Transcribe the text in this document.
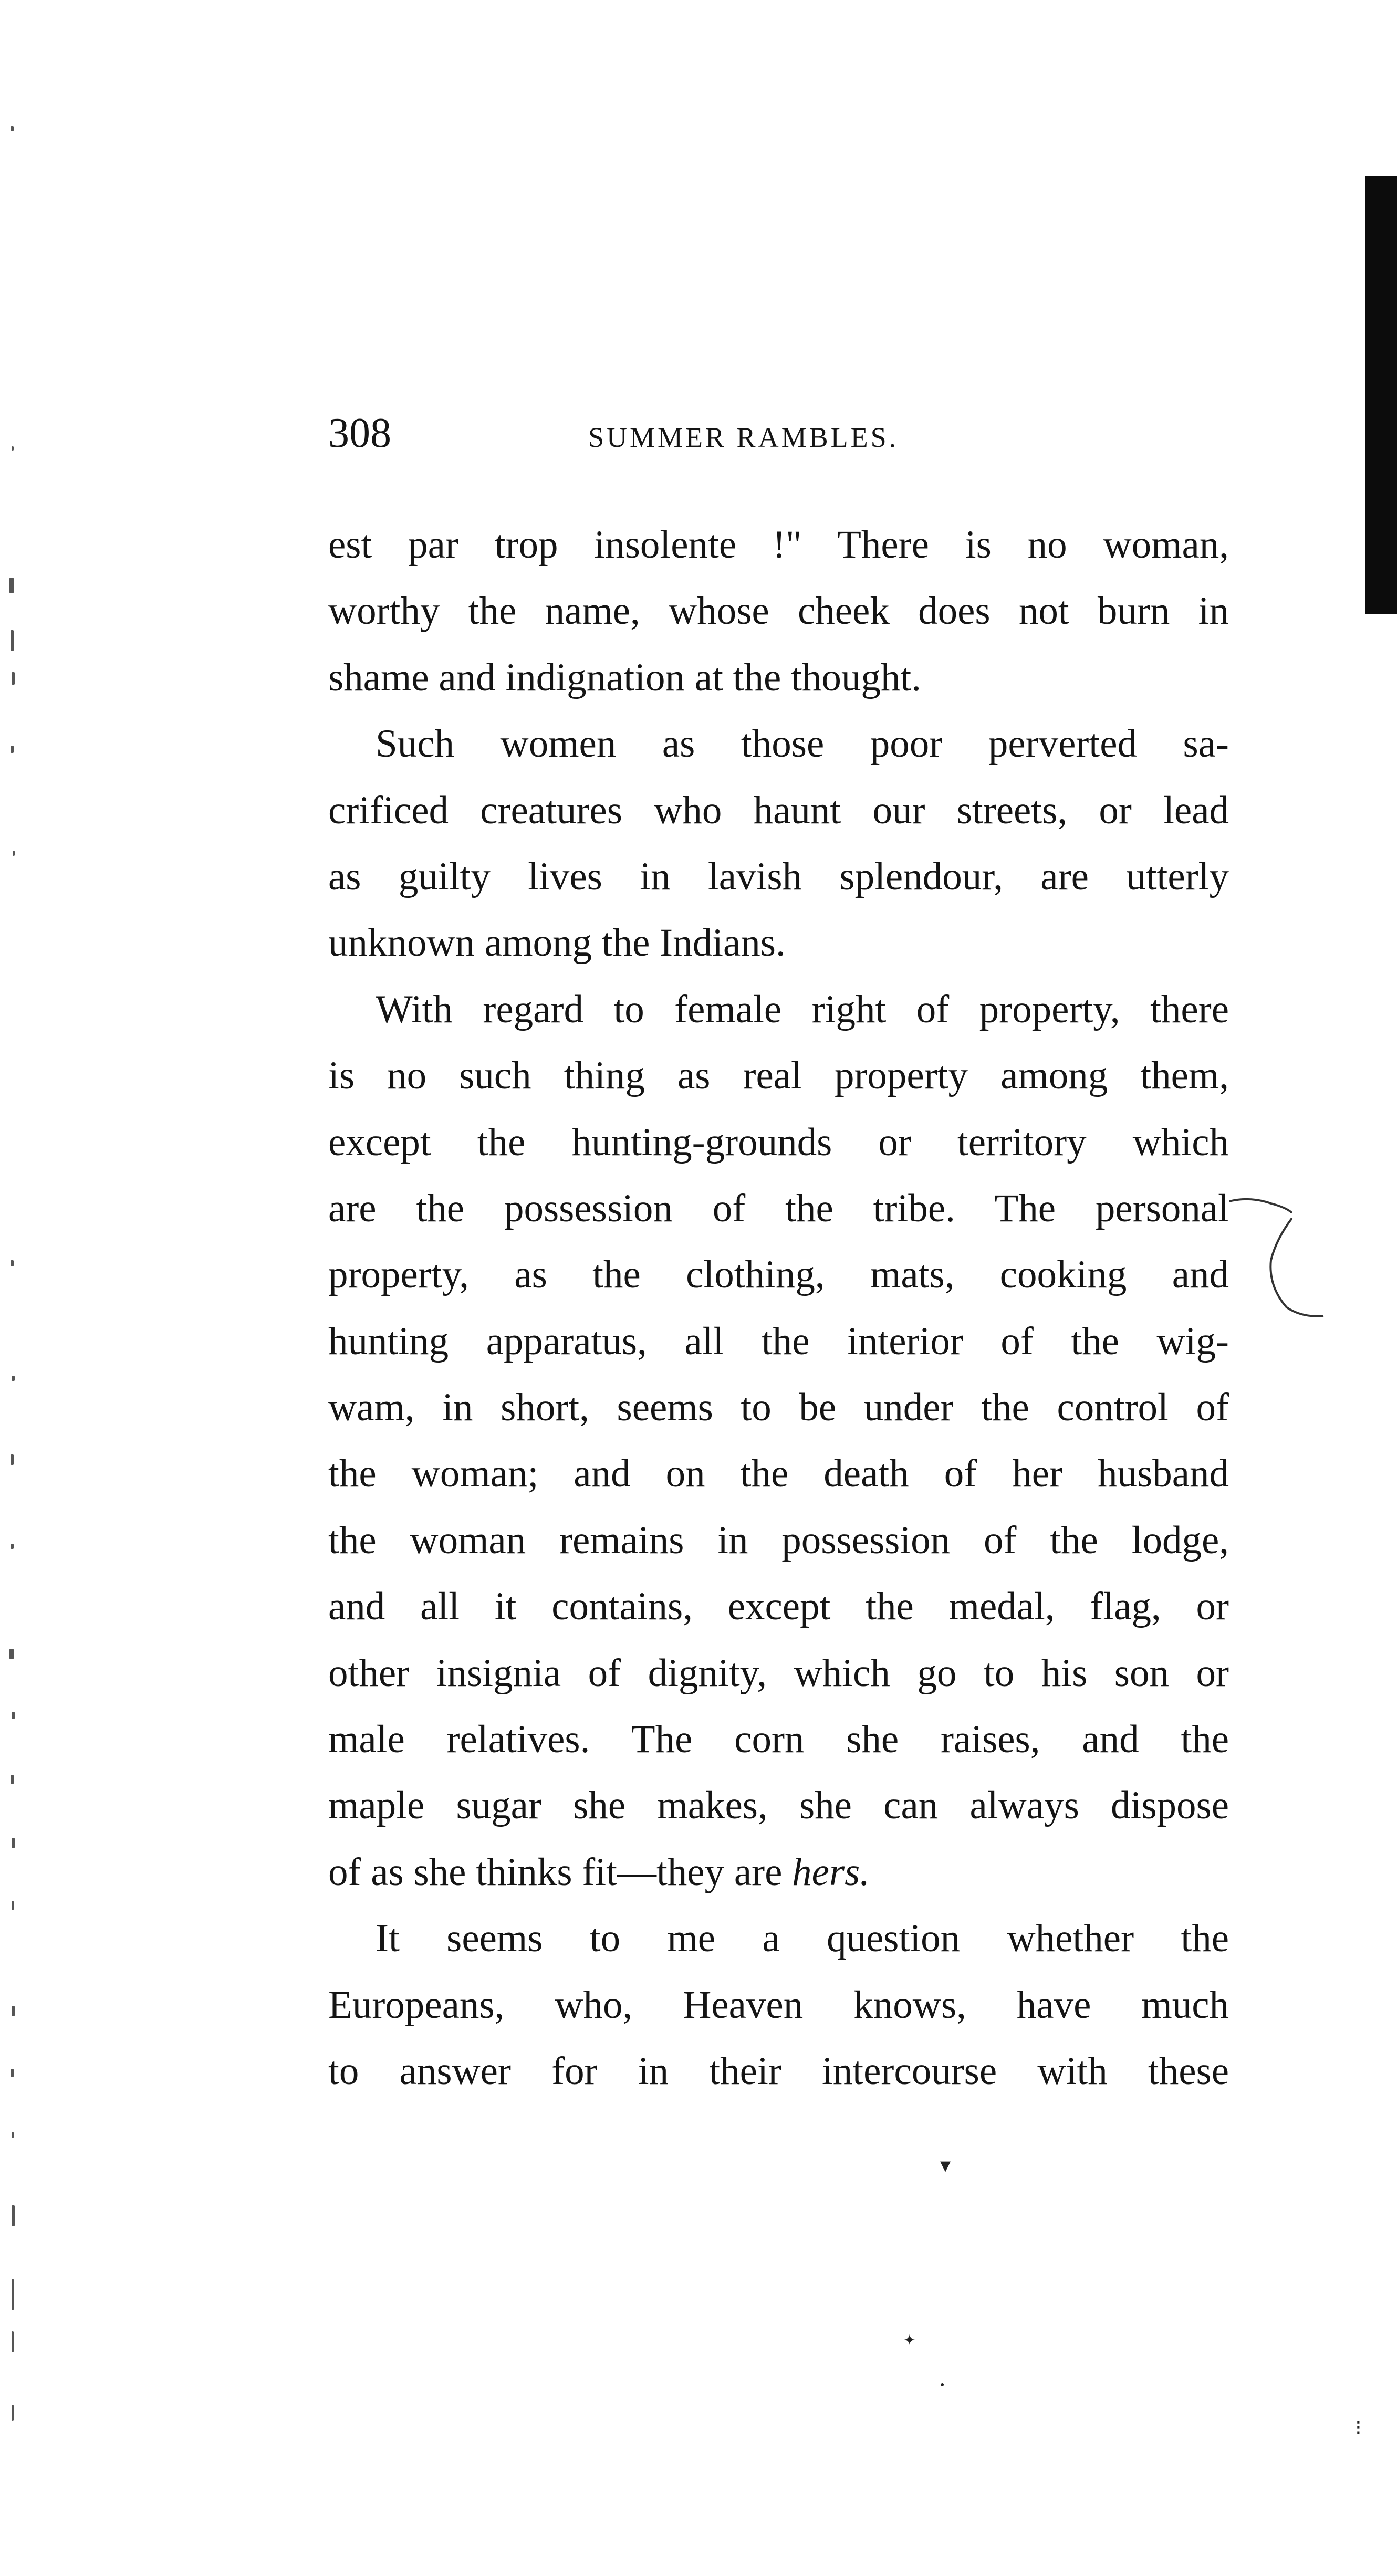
▾
✦
•
⁝
308	SUMMER RAMBLES.
est par trop insolente !" There is no woman,
worthy the name, whose cheek does not burn in
shame and indignation at the thought.
Such women as those poor perverted sa-
crificed creatures who haunt our streets, or lead
as guilty lives in lavish splendour, are utterly
unknown among the Indians.
With regard to female right of property, there
is no such thing as real property among them,
except the hunting-grounds or territory which
are the possession of the tribe. The personal
property, as the clothing, mats, cooking and
hunting apparatus, all the interior of the wig-
wam, in short, seems to be under the control of
the woman; and on the death of her husband
the woman remains in possession of the lodge,
and all it contains, except the medal, flag, or
other insignia of dignity, which go to his son or
male relatives. The corn she raises, and the
maple sugar she makes, she can always dispose
of as she thinks fit—they are hers.
It seems to me a question whether the
Europeans, who, Heaven knows, have much
to answer for in their intercourse with these
